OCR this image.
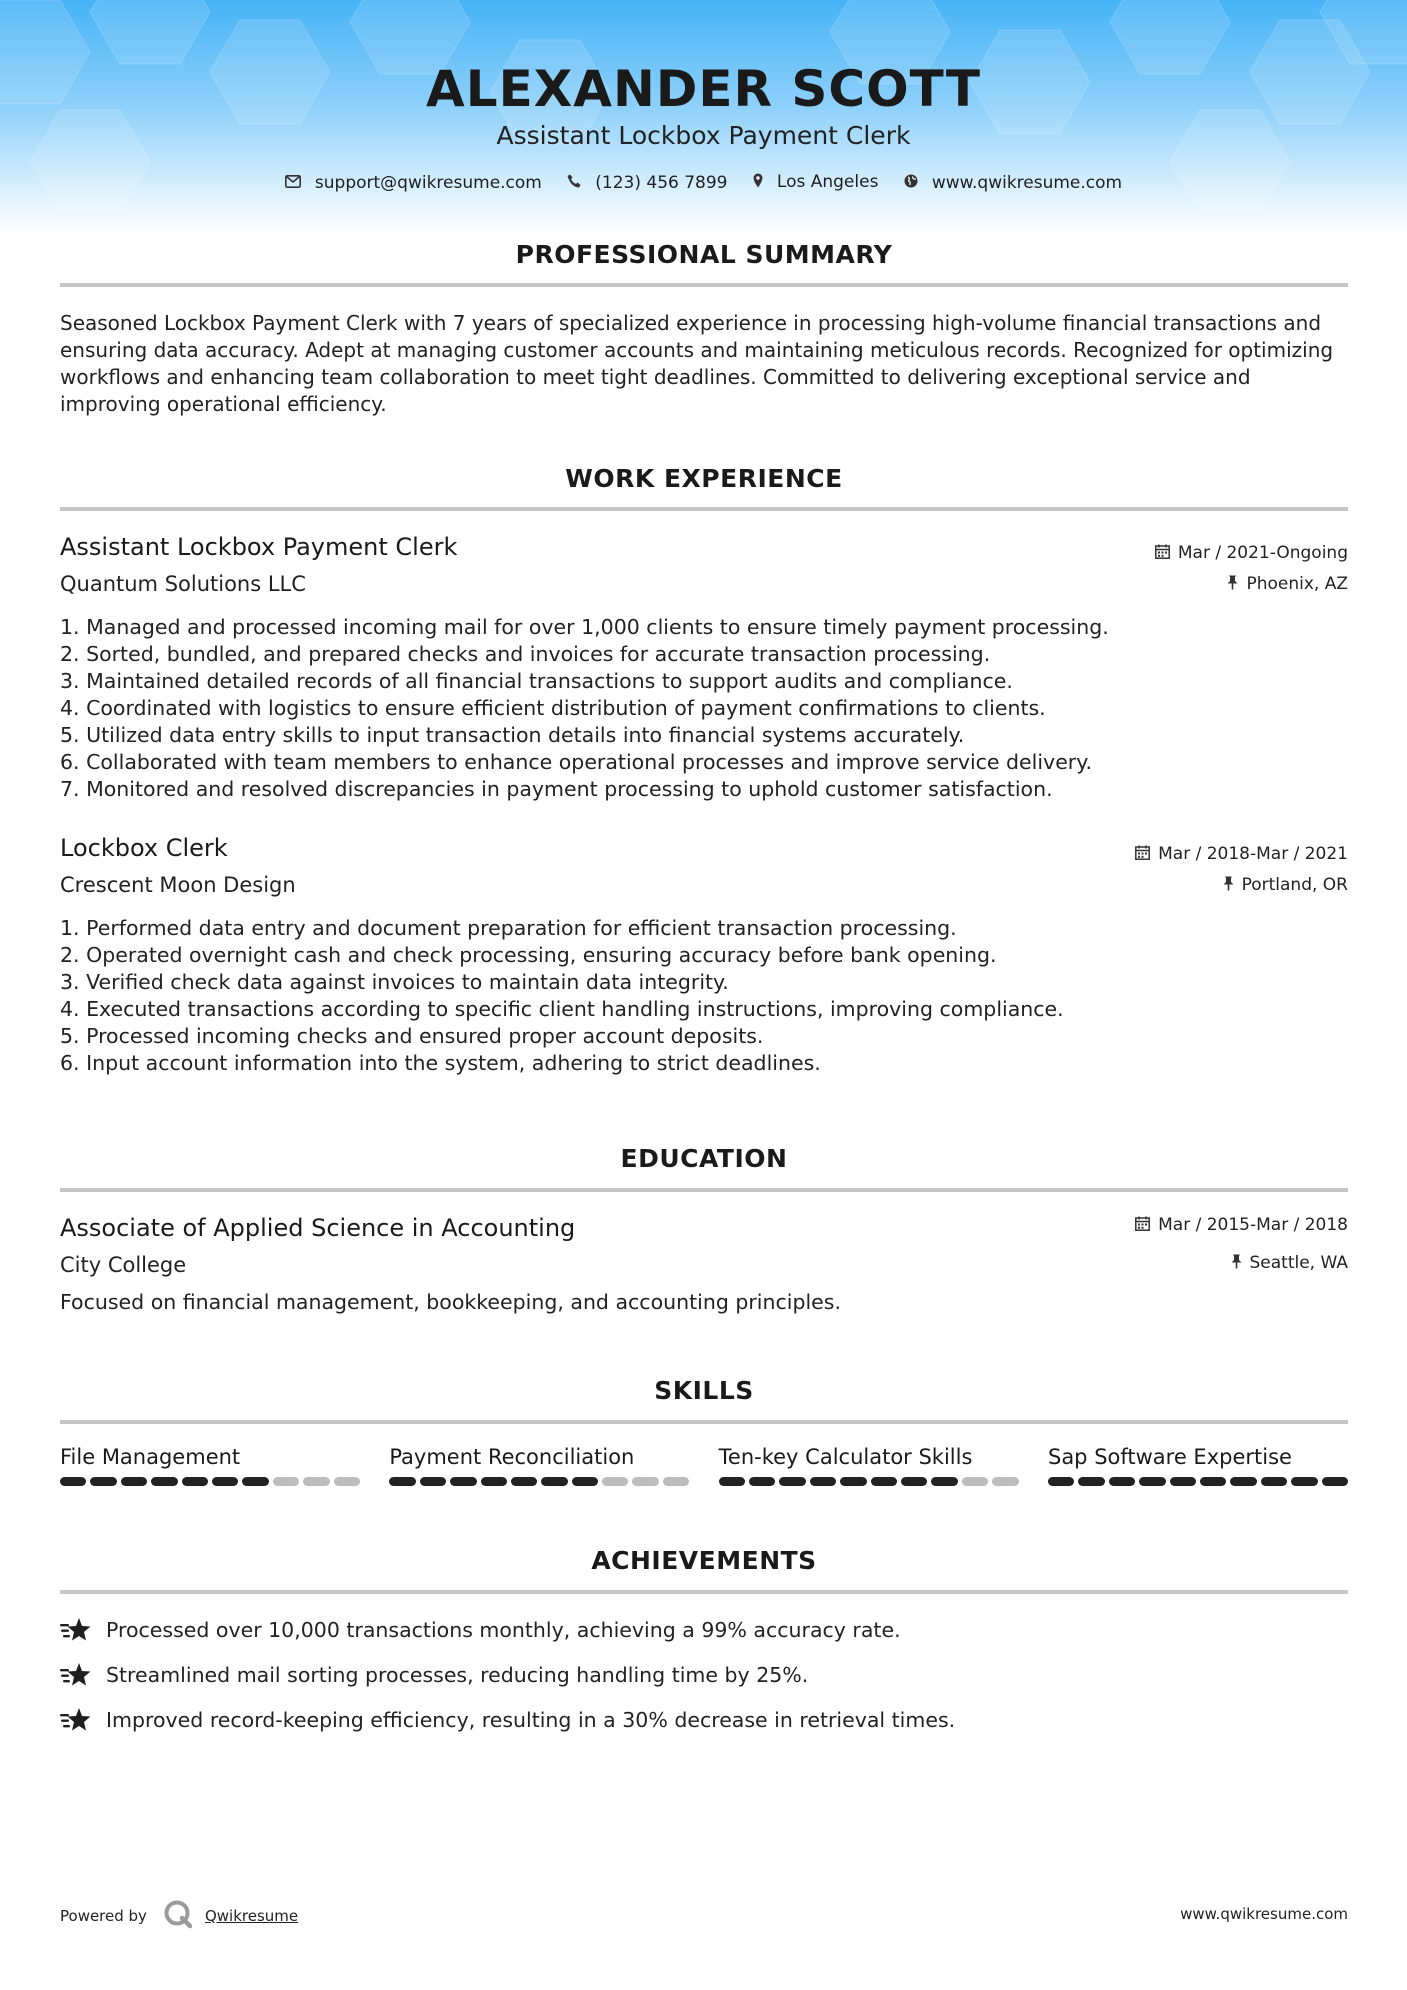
ALEXANDER SCOTT
Assistant Lockbox Payment Clerk
support@qwikresume.com
	(123) 456 7899
	Los Angeles
	www.qwikresume.com
PROFESSIONAL SUMMARY
Seasoned Lockbox Payment Clerk with 7 years of specialized experience in processing high-volume financial transactions and ensuring data accuracy. Adept at managing customer accounts and maintaining meticulous records. Recognized for optimizing workflows and enhancing team collaboration to meet tight deadlines. Committed to delivering exceptional service and improving operational efficiency.
WORK EXPERIENCE
Assistant Lockbox Payment Clerk	Mar / 2021-Ongoing
Quantum Solutions LLC	Phoenix, AZ
1. Managed and processed incoming mail for over 1,000 clients to ensure timely payment processing.
2. Sorted, bundled, and prepared checks and invoices for accurate transaction processing.
3. Maintained detailed records of all financial transactions to support audits and compliance.
4. Coordinated with logistics to ensure efficient distribution of payment confirmations to clients.
5. Utilized data entry skills to input transaction details into financial systems accurately.
6. Collaborated with team members to enhance operational processes and improve service delivery.
7. Monitored and resolved discrepancies in payment processing to uphold customer satisfaction.
Lockbox Clerk	Mar / 2018-Mar / 2021
Crescent Moon Design	Portland, OR
1. Performed data entry and document preparation for efficient transaction processing.
2. Operated overnight cash and check processing, ensuring accuracy before bank opening.
3. Verified check data against invoices to maintain data integrity.
4. Executed transactions according to specific client handling instructions, improving compliance.
5. Processed incoming checks and ensured proper account deposits.
6. Input account information into the system, adhering to strict deadlines.
EDUCATION
Associate of Applied Science in Accounting	Mar / 2015-Mar / 2018
City College	Seattle, WA
Focused on financial management, bookkeeping, and accounting principles.
SKILLS
File Management	Payment Reconciliation	Ten-key Calculator Skills	Sap Software Expertise
ACHIEVEMENTS
Processed over 10,000 transactions monthly, achieving a 99% accuracy rate.
Streamlined mail sorting processes, reducing handling time by 25%.
Improved record-keeping efficiency, resulting in a 30% decrease in retrieval times.
Powered by	Qwikresume	www.qwikresume.com
